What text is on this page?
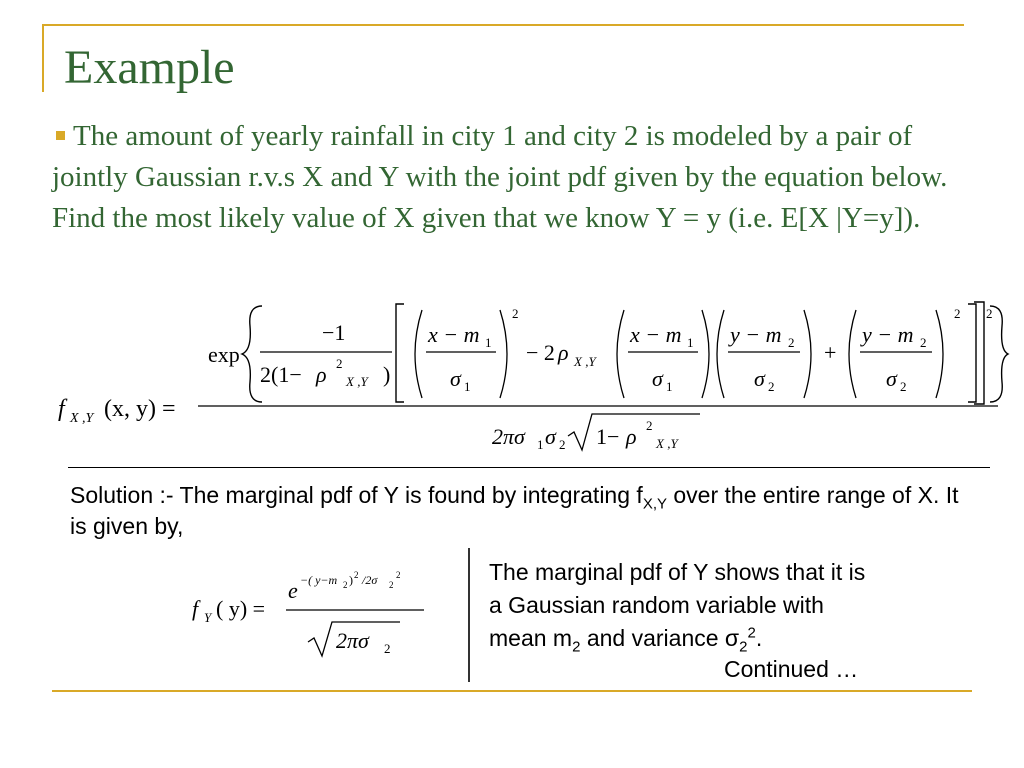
Example

The amount of yearly rainfall in city 1 and city 2 is modeled by a pair of jointly Gaussian r.v.s X and Y with the joint pdf given by the equation below. Find the most likely value of X given that we know Y = y (i.e. E[X |Y=y]).

f X ,Y (x, y) =
exp
−1
2(1− ρ 2
X ,Y )
x − m 1
σ 1
2
− 2 ρ X ,Y
x − m 1
σ 1
y − m 2
σ 2
+
y − m 2
σ 2
2 2
2πσ 1 σ 2 1− ρ 2
X ,Y

Solution :- The marginal pdf of Y is found by integrating $f_{X,Y}$ over the entire range of X. It is given by,

f Y ( y) =
e −( y−m 2 ) 2 /2σ 2
2
2πσ 2

The marginal pdf of Y shows that it is
a Gaussian random variable with
mean $m_2$ and variance $\sigma_2^2$.

Continued …
